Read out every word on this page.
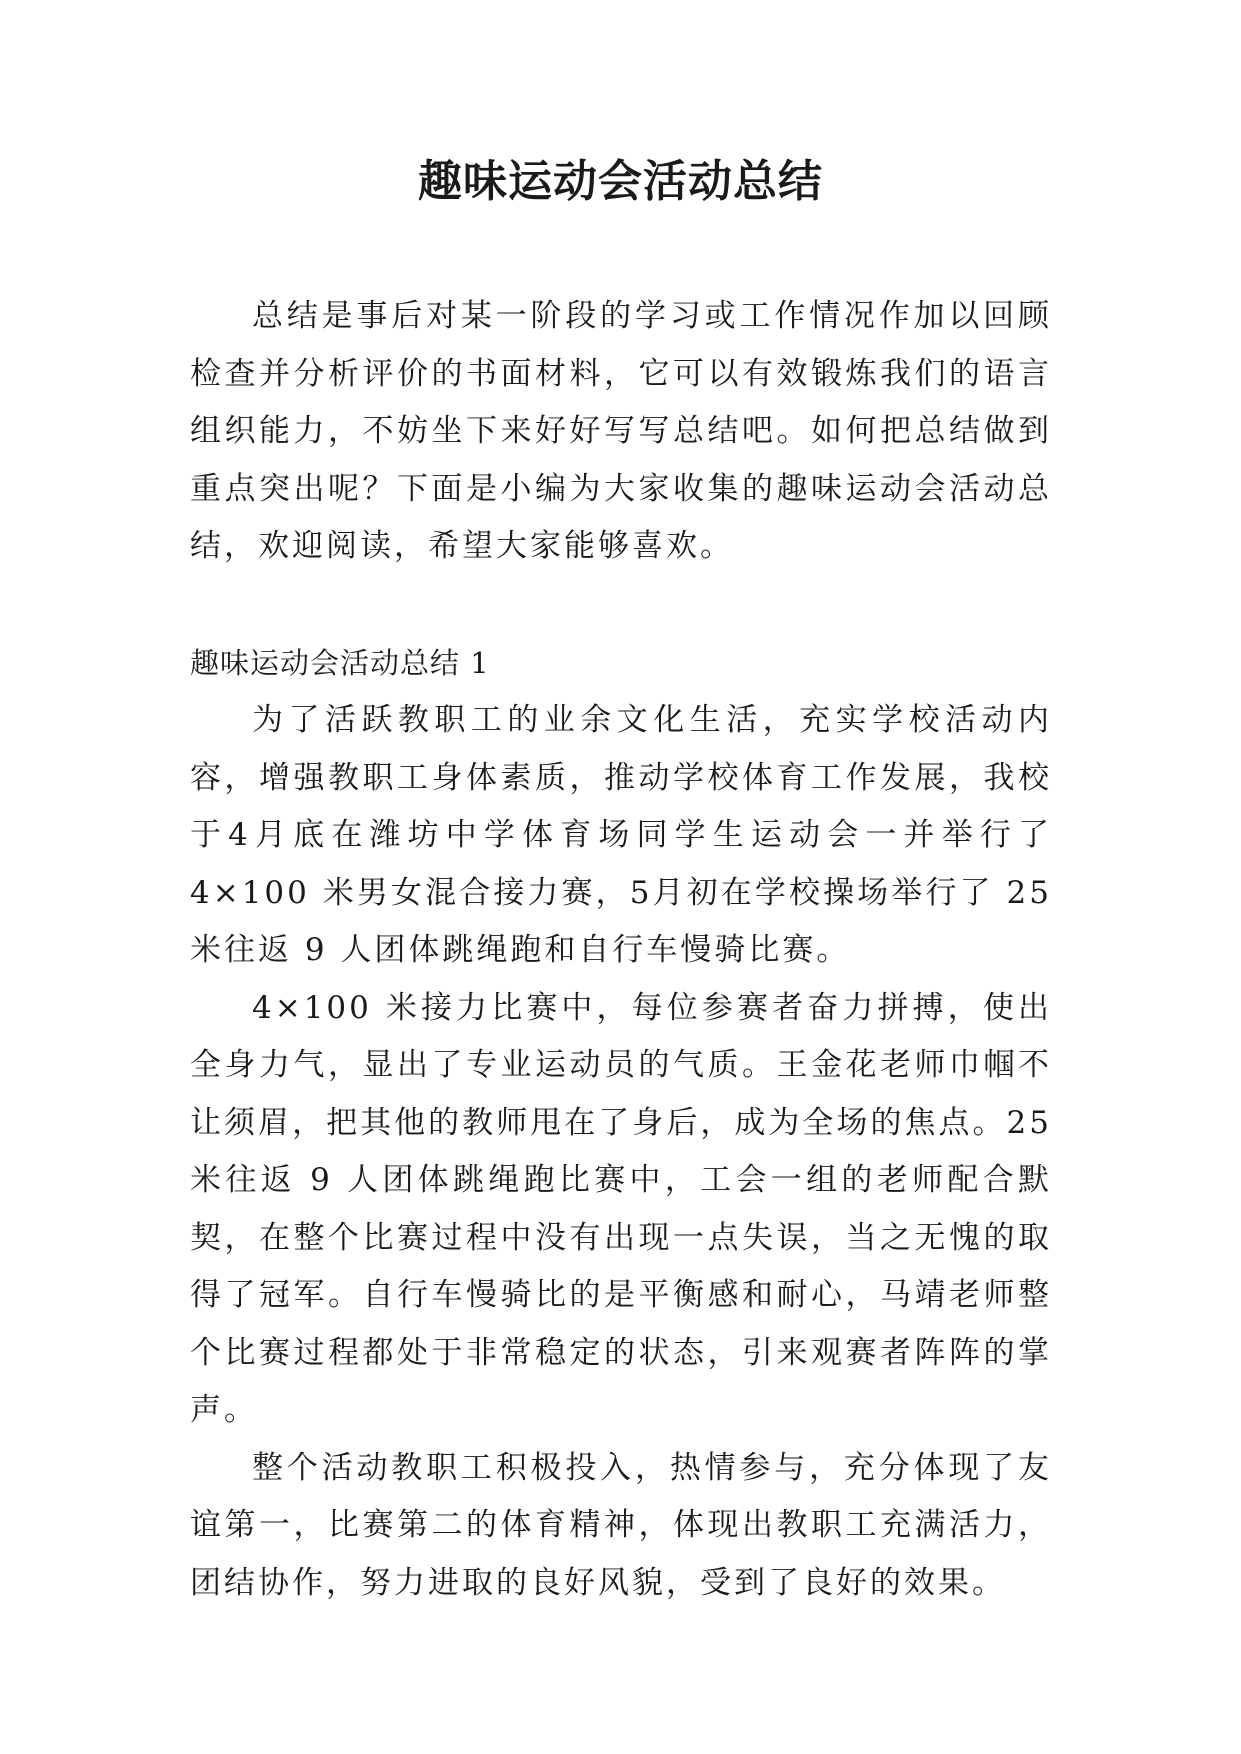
趣味运动会活动总结

总结是事后对某一阶段的学习或工作情况作加以回顾检查并分析评价的书面材料，它可以有效锻炼我们的语言组织能力，不妨坐下来好好写写总结吧。如何把总结做到重点突出呢？下面是小编为大家收集的趣味运动会活动总结，欢迎阅读，希望大家能够喜欢。

趣味运动会活动总结 1

为了活跃教职工的业余文化生活，充实学校活动内容，增强教职工身体素质，推动学校体育工作发展，我校于4月底在潍坊中学体育场同学生运动会一并举行了 4×100 米男女混合接力赛，5月初在学校操场举行了 25 米往返 9 人团体跳绳跑和自行车慢骑比赛。

4×100 米接力比赛中，每位参赛者奋力拼搏，使出全身力气，显出了专业运动员的气质。王金花老师巾帼不让须眉，把其他的教师甩在了身后，成为全场的焦点。25 米往返 9 人团体跳绳跑比赛中，工会一组的老师配合默契，在整个比赛过程中没有出现一点失误，当之无愧的取得了冠军。自行车慢骑比的是平衡感和耐心，马靖老师整个比赛过程都处于非常稳定的状态，引来观赛者阵阵的掌声。

整个活动教职工积极投入，热情参与，充分体现了友谊第一，比赛第二的体育精神，体现出教职工充满活力，团结协作，努力进取的良好风貌，受到了良好的效果。
